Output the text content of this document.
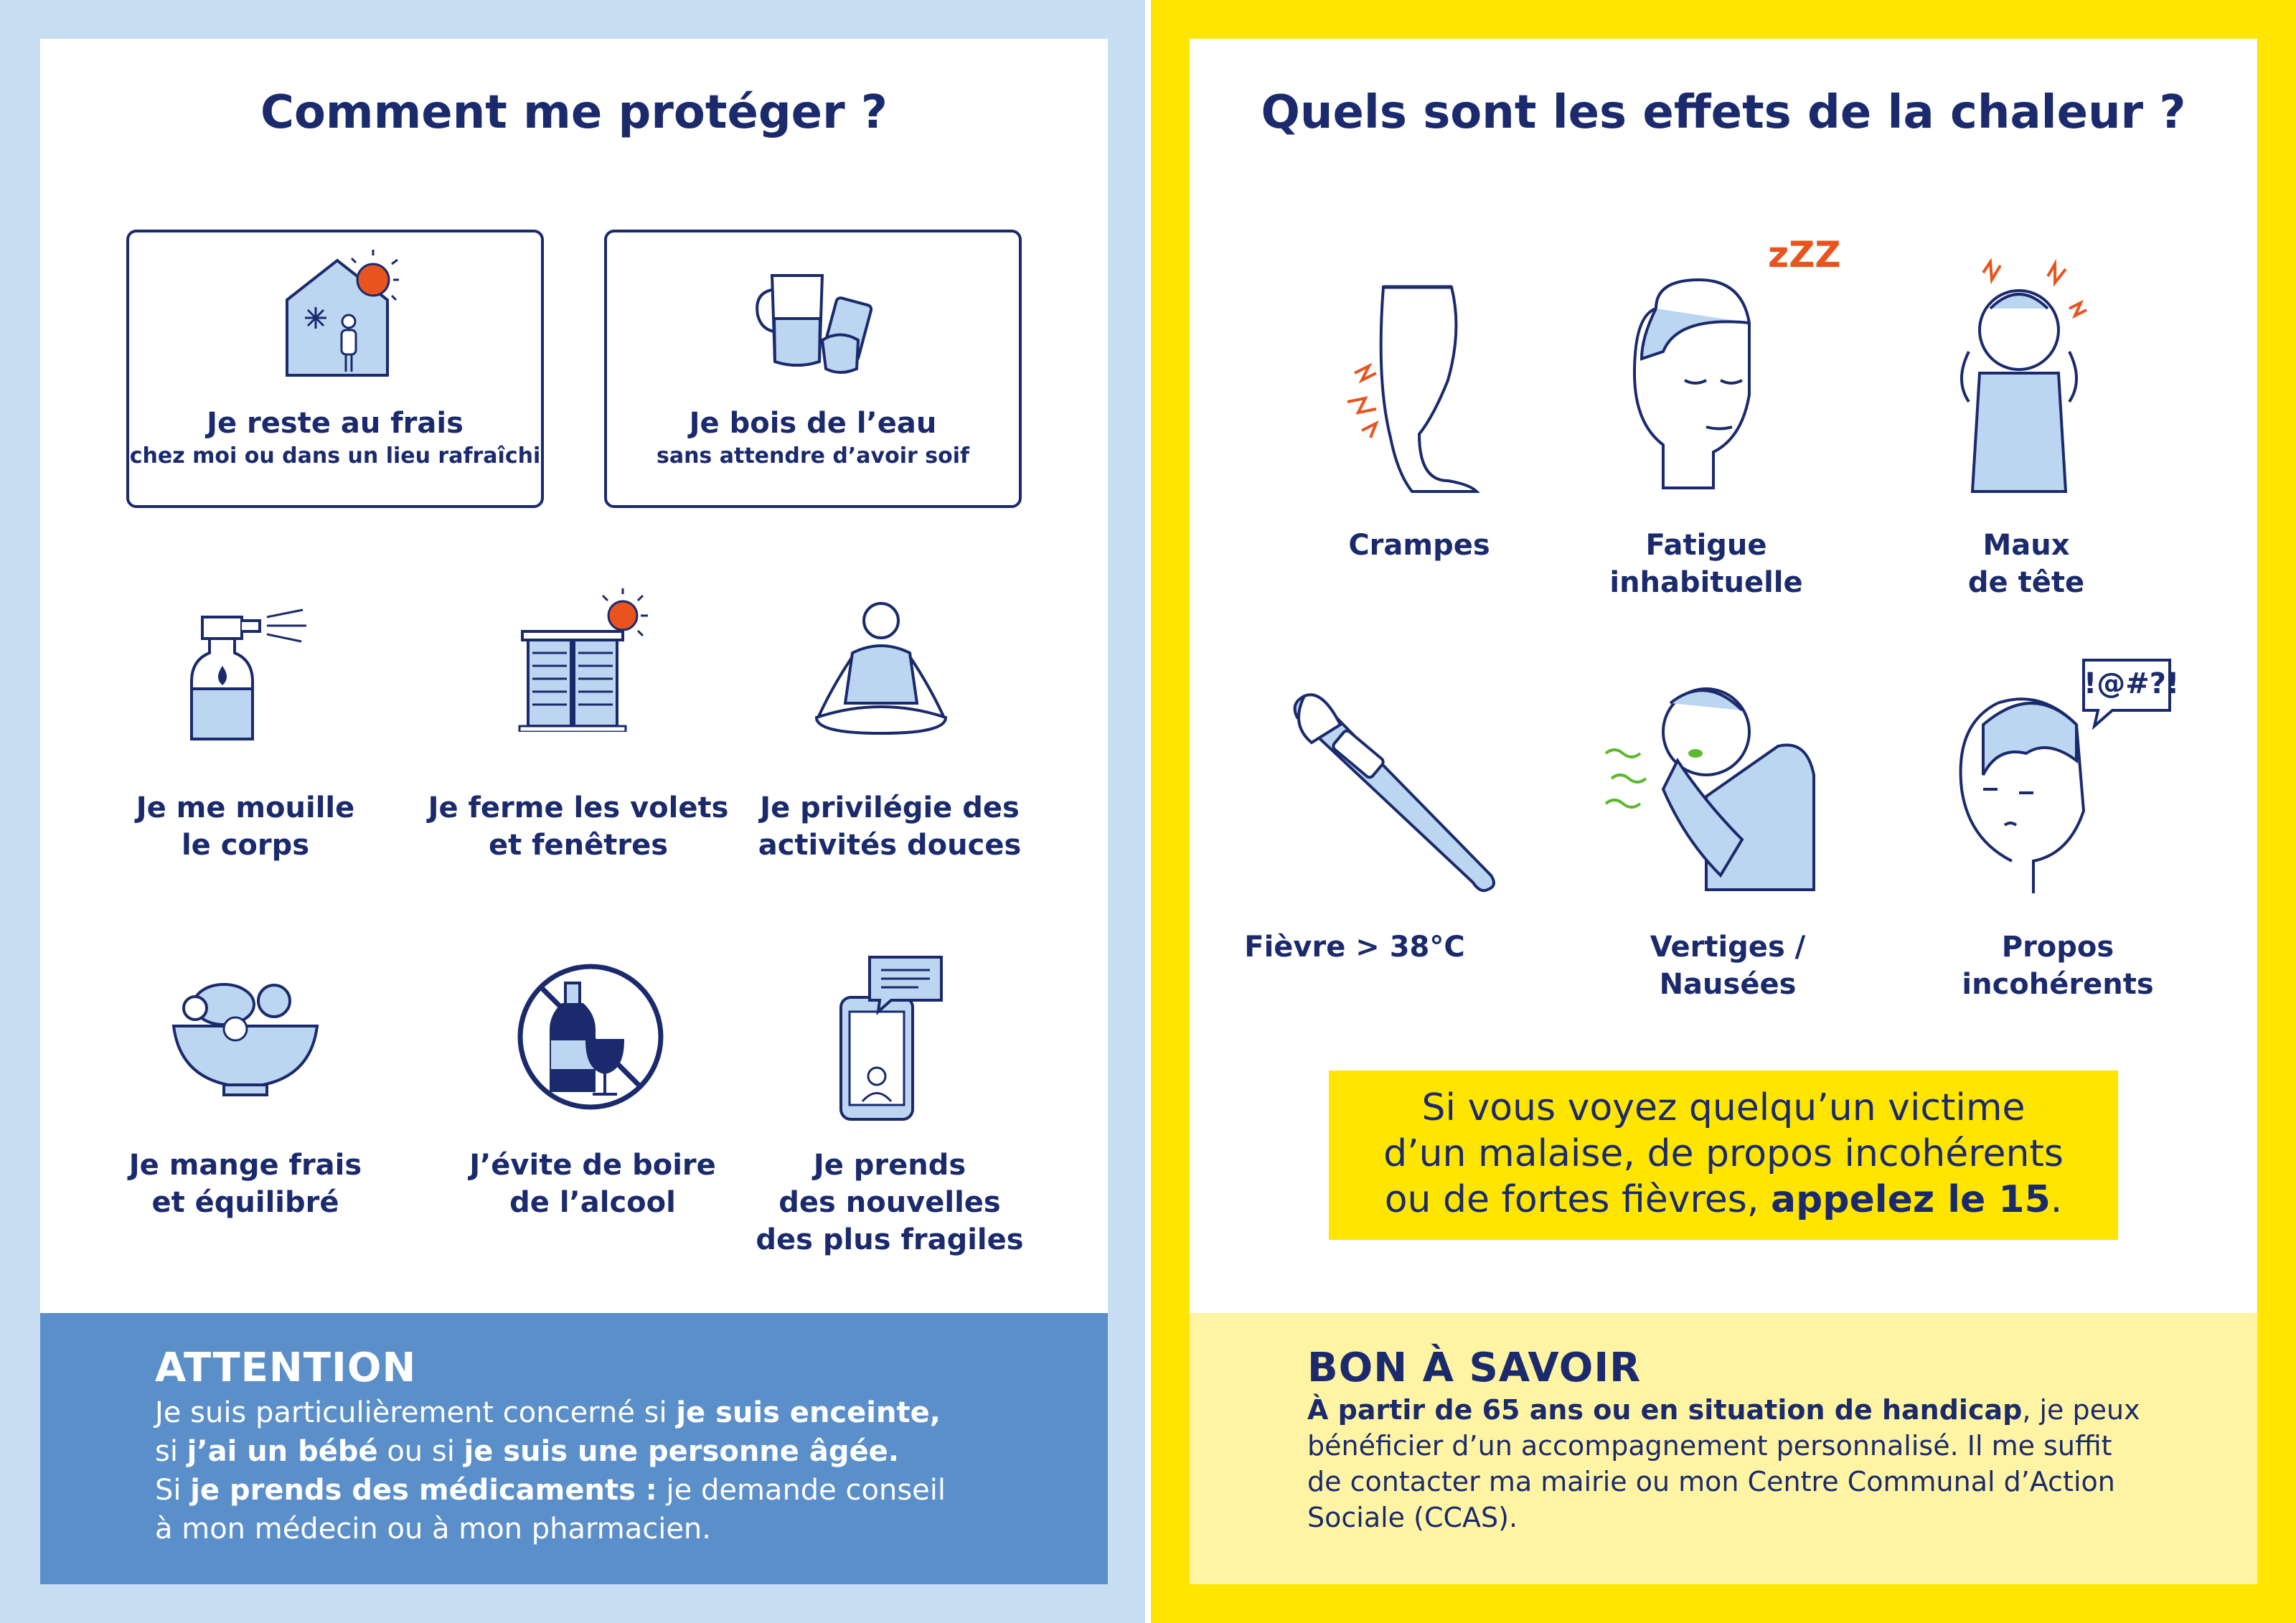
Comment me protéger ?
Je reste au frais
chez moi ou dans un lieu rafraîchi
Je bois de l’eau
sans attendre d’avoir soif
Je me mouille
le corps
Je ferme les volets
et fenêtres
Je privilégie des
activités douces
Je mange frais
et équilibré
J’évite de boire
de l’alcool
Je prends
des nouvelles
des plus fragiles
ATTENTION
Je suis particulièrement concerné si je suis enceinte,
si j’ai un bébé ou si je suis une personne âgée.
Si je prends des médicaments : je demande conseil
à mon médecin ou à mon pharmacien.
Quels sont les effets de la chaleur ?
zZZ
Crampes	Fatigue
inhabituelle
Maux
de tête
!@#?!
Fièvre > 38°C	Vertiges /
Nausées
Propos
incohérents
Si vous voyez quelqu’un victime
d’un malaise, de propos incohérents
ou de fortes fièvres, appelez le 15.
BON À SAVOIR
À partir de 65 ans ou en situation de handicap, je peux
bénéficier d’un accompagnement personnalisé. Il me suffit
de contacter ma mairie ou mon Centre Communal d’Action
Sociale (CCAS).
